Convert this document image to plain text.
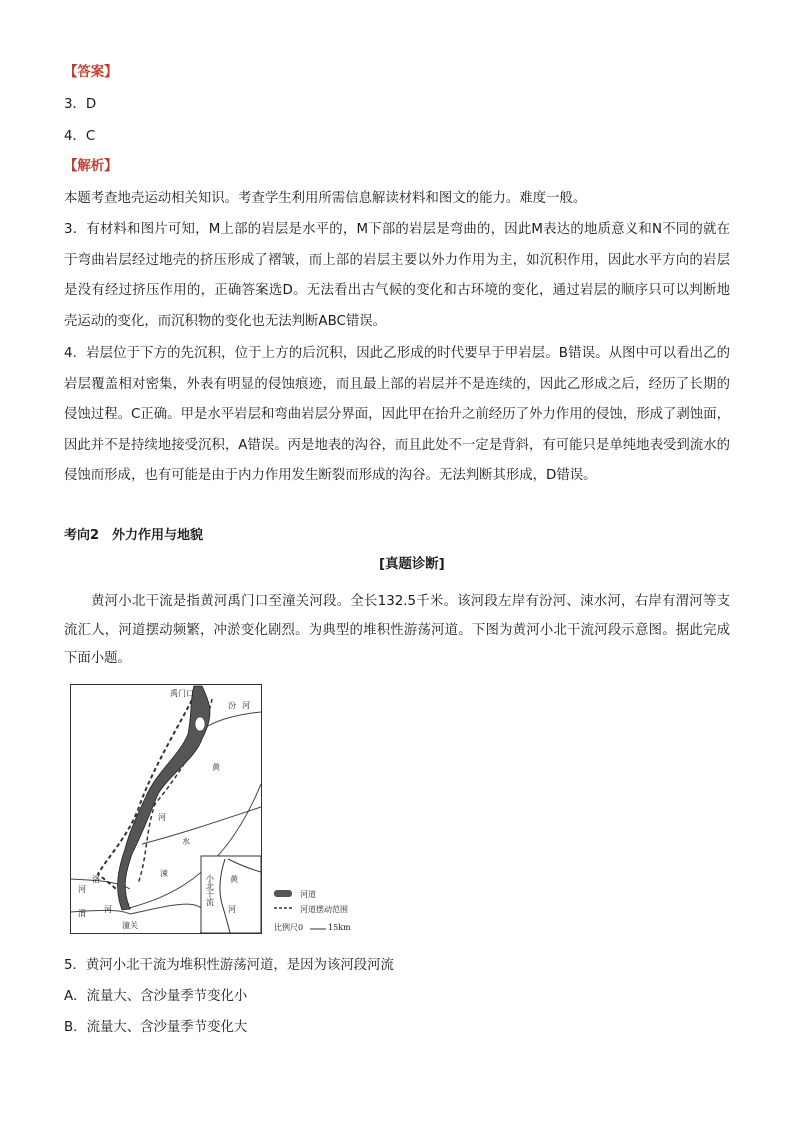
【答案】
3．D
4．C
【解析】
本题考查地壳运动相关知识。考查学生利用所需信息解读材料和图文的能力。难度一般。
3．有材料和图片可知，M上部的岩层是水平的，M下部的岩层是弯曲的，因此M表达的地质意义和N不同的就在于弯曲岩层经过地壳的挤压形成了褶皱，而上部的岩层主要以外力作用为主，如沉积作用，因此水平方向的岩层是没有经过挤压作用的，正确答案选D。无法看出古气候的变化和古环境的变化，通过岩层的顺序只可以判断地壳运动的变化，而沉积物的变化也无法判断ABC错误。
4．岩层位于下方的先沉积，位于上方的后沉积，因此乙形成的时代要早于甲岩层。B错误。从图中可以看出乙的岩层覆盖相对密集，外表有明显的侵蚀痕迹，而且最上部的岩层并不是连续的，因此乙形成之后，经历了长期的侵蚀过程。C正确。甲是水平岩层和弯曲岩层分界面，因此甲在抬升之前经历了外力作用的侵蚀，形成了剥蚀面，因此并不是持续地接受沉积，A错误。丙是地表的沟谷，而且此处不一定是背斜，有可能只是单纯地表受到流水的侵蚀而形成，也有可能是由于内力作用发生断裂而形成的沟谷。无法判断其形成，D错误。
考向2　外力作用与地貌
[真题诊断]
黄河小北干流是指黄河禹门口至潼关河段。全长132.5千米。该河段左岸有汾河、涑水河，右岸有渭河等支流汇人，河道摆动频繁，冲淤变化剧烈。为典型的堆积性游荡河道。下图为黄河小北干流河段示意图。据此完成下面小题。
禹门口
汾 河
黄
河
水
涑
洛
河
渭 河
潼关
黄
河
小北干流	河道
河道摆动范围
比例尺0	15km
5．黄河小北干流为堆积性游荡河道，是因为该河段河流
A．流量大、含沙量季节变化小
B．流量大、含沙量季节变化大
